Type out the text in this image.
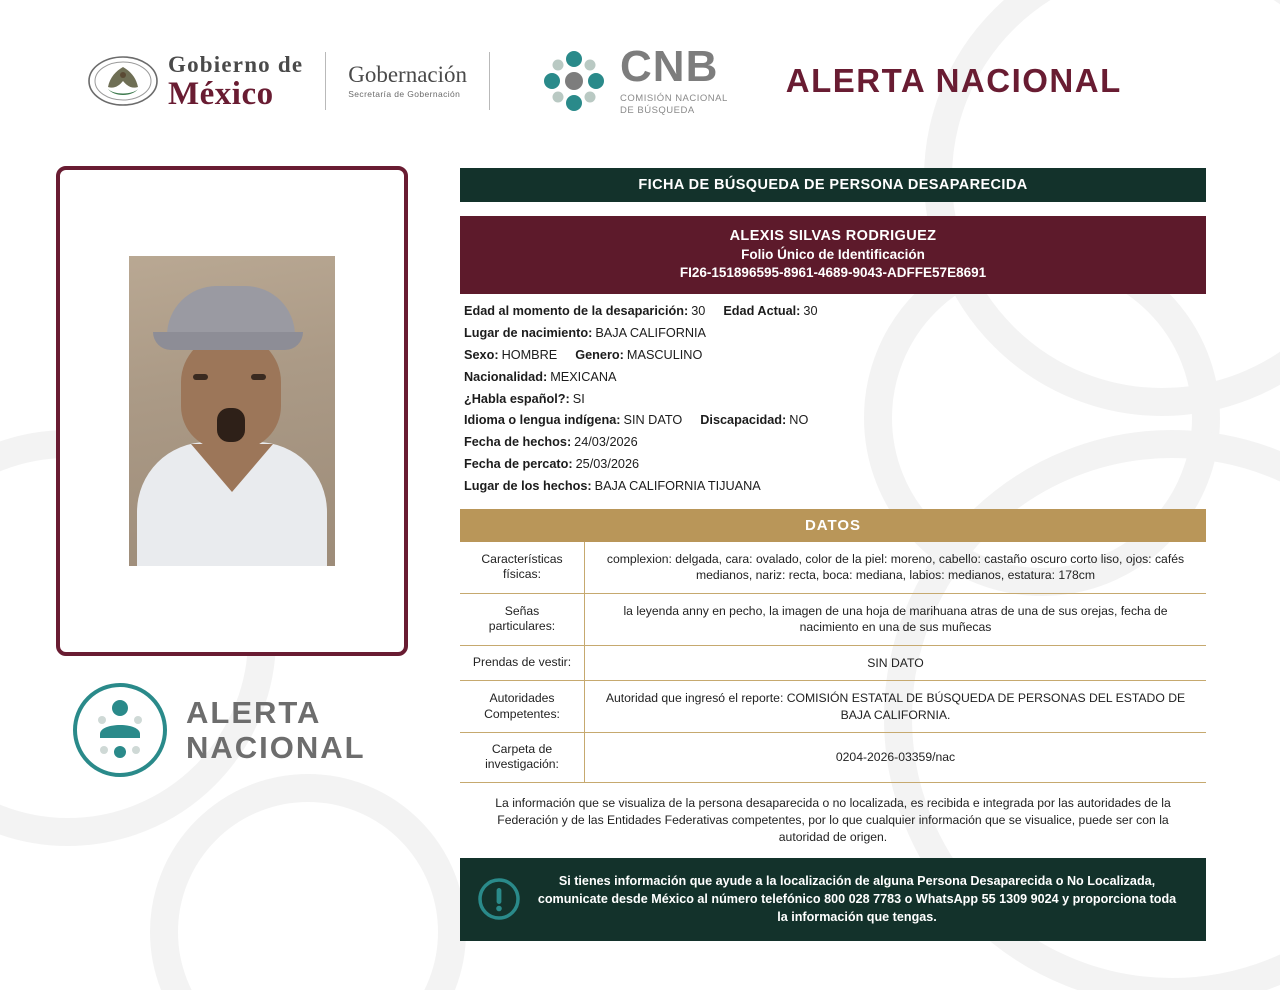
Gobierno de
México
Gobernación
Secretaría de Gobernación
CNB
COMISIÓN NACIONAL
DE BÚSQUEDA
ALERTA NACIONAL
ALERTA
NACIONAL
FICHA DE BÚSQUEDA DE PERSONA DESAPARECIDA
ALEXIS SILVAS RODRIGUEZ
Folio Único de Identificación
FI26-151896595-8961-4689-9043-ADFFE57E8691
Edad al momento de la desaparición: 30 Edad Actual: 30
Lugar de nacimiento: BAJA CALIFORNIA
Sexo: HOMBRE Genero: MASCULINO
Nacionalidad: MEXICANA
¿Habla español?: SI
Idioma o lengua indígena: SIN DATO Discapacidad: NO
Fecha de hechos: 24/03/2026
Fecha de percato: 25/03/2026
Lugar de los hechos: BAJA CALIFORNIA TIJUANA
DATOS
Características físicas:	complexion: delgada, cara: ovalado, color de la piel: moreno, cabello: castaño oscuro corto liso, ojos: cafés medianos, nariz: recta, boca: mediana, labios: medianos, estatura: 178cm
Señas particulares:	la leyenda anny en pecho, la imagen de una hoja de marihuana atras de una de sus orejas, fecha de nacimiento en una de sus muñecas
Prendas de vestir:	SIN DATO
Autoridades Competentes:	Autoridad que ingresó el reporte: COMISIÓN ESTATAL DE BÚSQUEDA DE PERSONAS DEL ESTADO DE BAJA CALIFORNIA.
Carpeta de investigación:	0204-2026-03359/nac
La información que se visualiza de la persona desaparecida o no localizada, es recibida e integrada por las autoridades de la Federación y de las Entidades Federativas competentes, por lo que cualquier información que se visualice, puede ser con la autoridad de origen.
Si tienes información que ayude a la localización de alguna Persona Desaparecida o No Localizada, comunicate desde México al número telefónico 800 028 7783 o WhatsApp 55 1309 9024 y proporciona toda la información que tengas.
